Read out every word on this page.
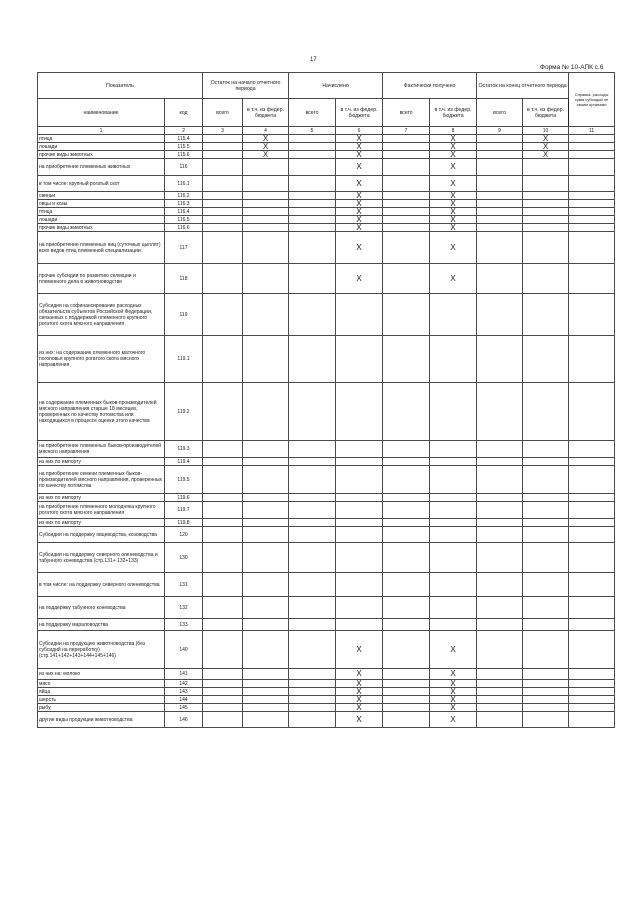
17
Форма № 10-АПК с.6
Показатель		Остаток на начало отчетного периода		Начислено		Фактически получено		Остаток на конец отчетного периода		Справка: расходы сумм субсидий не своим органами
наименование	код	всего	в т.ч. из федер. бюджета	всего	в т.ч. из федер. бюджета	всего	в т.ч. из федер. бюджета	всего	в т.ч. из федер. бюджета	
1	2	3	4	5	6	7	8	9	10	11
птица	115.4		X		X		X		X	
лошади	115.5		X		X		X		X	
прочие виды животных	115.6		X		X		X		X	
на приобретение племенных животных	116				X		X			
в том числе: крупный рогатый скот	116.1				X		X			
свиньи	116.2				X		X			
овцы и козы	116.3				X		X			
птица	116.4				X		X			
лошади	116.5				X		X			
прочие виды животных	116.6				X		X			
на приобретение племенных яиц (суточных цыплят) всех видов птиц племенной специализации	117				X		X			
прочие субсидии по развитию селекции и племенного дела в животноводстве	118				X		X			
Субсидии на софинансирование расходных обязательств субъектов Российской Федерации, связанных с поддержкой племенного крупного рогатого скота мясного направления	119									
из них: на содержание племенного маточного поголовья крупного рогатого скота мясного направления	119.1									
на содержание племенных быков-производителей мясного направления старше 18 месяцев, проверенных по качеству потомства или находящихся в процессе оценки этого качества	119.2									
на приобретение племенных быков-производителей мясного направления	119.3									
из них по импорту	119.4									
на приобретение семени племенных быков- производителей мясного направления, проверенных по качеству потомства	119.5									
из них по импорту	119.6									
на приобретение племенного молодняка крупного рогатого скота мясного направления	119.7									
из них по импорту	119.8									
Субсидии на поддержку овцеводства, козоводства	120									
Субсидии на поддержку северного оленеводства и табунного коневодства (стр.131+ 132+133)	130									
в том числе: на поддержку северного оленеводства	131									
на поддержку табунного коневодства	132									
на поддержку мараловодства	133									
Субсидии на продукцию животноводства (без субсидий на переработку) (стр.141+142+143+144+145+146)	140				X		X			
из них на: молоко	141				X		X			
мясо	142				X		X			
яйца	143				X		X			
шерсть	144				X		X			
рыбу	145				X		X			
другие виды продукции животноводства	146				X		X			
